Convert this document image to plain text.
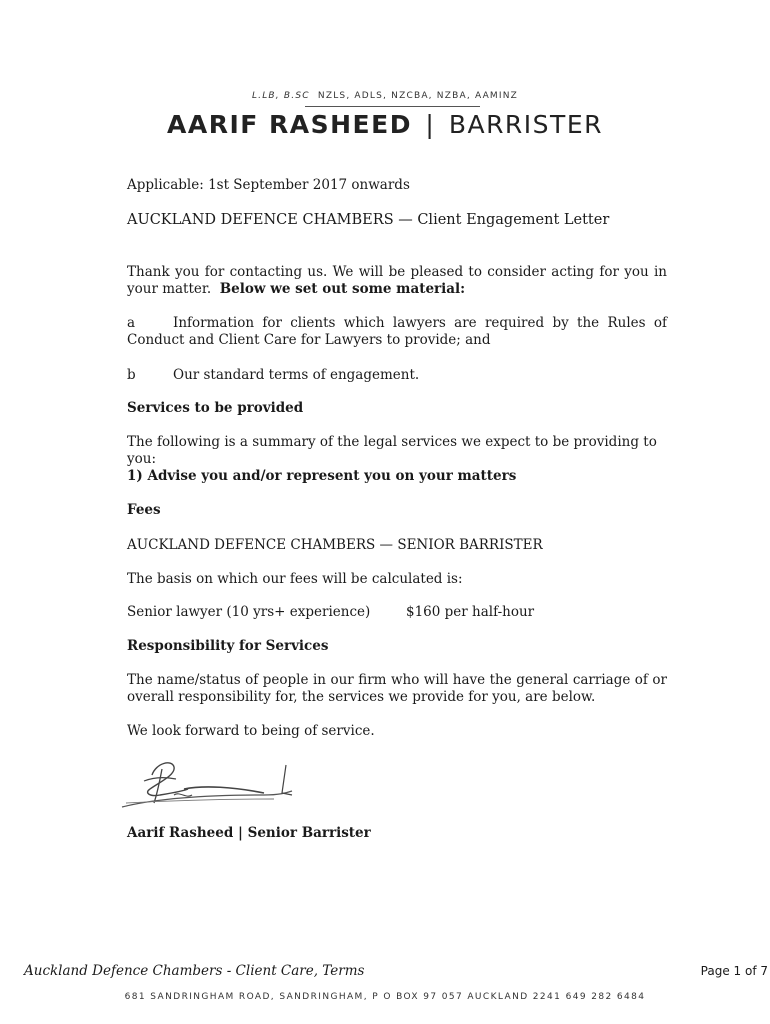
L.LB, B.SC NZLS, ADLS, NZCBA, NZBA, AAMINZ
AARIF RASHEED | BARRISTER
Applicable: 1st September 2017 onwards
AUCKLAND DEFENCE CHAMBERS — Client Engagement Letter
Thank you for contacting us. We will be pleased to consider acting for you in your matter. Below we set out some material:
a	Information for clients which lawyers are required by the Rules of Conduct and Client Care for Lawyers to provide; and
b	Our standard terms of engagement.
Services to be provided
The following is a summary of the legal services we expect to be providing to you:
1) Advise you and/or represent you on your matters
Fees
AUCKLAND DEFENCE CHAMBERS — SENIOR BARRISTER
The basis on which our fees will be calculated is:
Senior lawyer (10 yrs+ experience)	$160 per half-hour
Responsibility for Services
The name/status of people in our firm who will have the general carriage of or overall responsibility for, the services we provide for you, are below.
We look forward to being of service.
Aarif Rasheed | Senior Barrister
Auckland Defence Chambers - Client Care, Terms	Page 1 of 7
681 SANDRINGHAM ROAD, SANDRINGHAM, P O BOX 97 057 AUCKLAND 2241 649 282 6484
